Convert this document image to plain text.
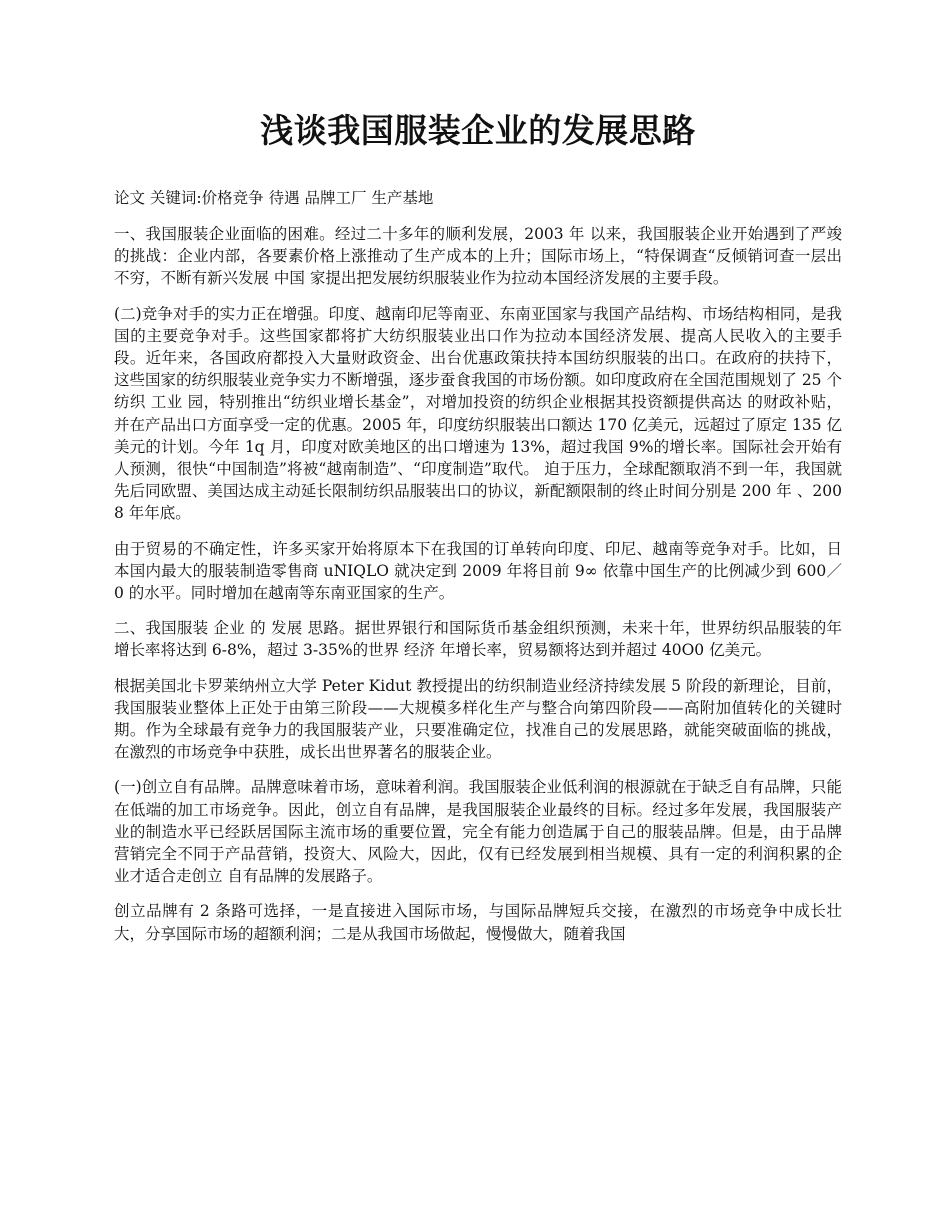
浅谈我国服装企业的发展思路

论文 关键词:价格竞争 待遇 品牌工厂 生产基地

一、我国服装企业面临的困难。经过二十多年的顺利发展，2003 年 以来，我国服装企业开始遇到了严竣的挑战：企业内部，各要素价格上涨推动了生产成本的上升；国际市场上，“特保调查“反倾销诃查一层出不穷，不断有新兴发展 中国 家提出把发展纺织服装业作为拉动本国经济发展的主要手段。

(二)竞争对手的实力正在增强。印度、越南印尼等南亚、东南亚国家与我国产品结构、市场结构相同，是我国的主要竞争对手。这些国家都将扩大纺织服装业出口作为拉动本国经济发展、提高人民收入的主要手段。近年来，各国政府都投入大量财政资金、出台优惠政策扶持本国纺织服装的出口。在政府的扶持下，这些国家的纺织服装业竞争实力不断增强，逐步蚕食我国的市场份额。如印度政府在全国范围规划了 25 个纺织 工业 园，特别推出“纺织业增长基金”，对增加投资的纺织企业根据其投资额提供高达 的财政补贴，并在产品出口方面享受一定的优惠。2005 年，印度纺织服装出口额达 170 亿美元，远超过了原定 135 亿美元的计划。今年 1q 月，印度对欧美地区的出口增速为 13%，超过我国 9%的增长率。国际社会开始有人预测，很快“中国制造”将被“越南制造”、“印度制造”取代。 迫于压力，全球配额取消不到一年，我国就先后同欧盟、美国达成主动延长限制纺织品服装出口的协议，新配额限制的终止时间分别是 200 年 、2008 年年底。

由于贸易的不确定性，许多买家开始将原本下在我国的订单转向印度、印尼、越南等竞争对手。比如，日本国内最大的服装制造零售商 uNIQLO 就决定到 2009 年将目前 9∞ 依靠中国生产的比例减少到 600／0 的水平。同时增加在越南等东南亚国家的生产。

二、我国服装 企业 的 发展 思路。据世界银行和国际货币基金组织预测，未来十年，世界纺织品服装的年增长率将达到 6-8%，超过 3-35%的世界 经济 年增长率，贸易额将达到并超过 40O0 亿美元。

根据美国北卡罗莱纳州立大学 Peter Kidut 教授提出的纺织制造业经济持续发展 5 阶段的新理论，目前，我国服装业整体上正处于由第三阶段——大规模多样化生产与整合向第四阶段——高附加值转化的关键时期。作为全球最有竞争力的我国服装产业，只要准确定位，找准自己的发展思路，就能突破面临的挑战，在激烈的市场竞争中获胜，成长出世界著名的服装企业。

(一)创立自有品牌。品牌意味着市场，意味着利润。我国服装企业低利润的根源就在于缺乏自有品牌，只能在低端的加工市场竞争。因此，创立自有品牌，是我国服装企业最终的目标。经过多年发展，我国服装产业的制造水平已经跃居国际主流市场的重要位置，完全有能力创造属于自己的服装品牌。但是，由于品牌营销完全不同于产品营销，投资大、风险大，因此，仅有已经发展到相当规模、具有一定的利润积累的企业才适合走创立 自有品牌的发展路子。

创立品牌有 2 条路可选择，一是直接进入国际市场，与国际品牌短兵交接，在激烈的市场竞争中成长壮大，分享国际市场的超额利润；二是从我国市场做起，慢慢做大，随着我国
